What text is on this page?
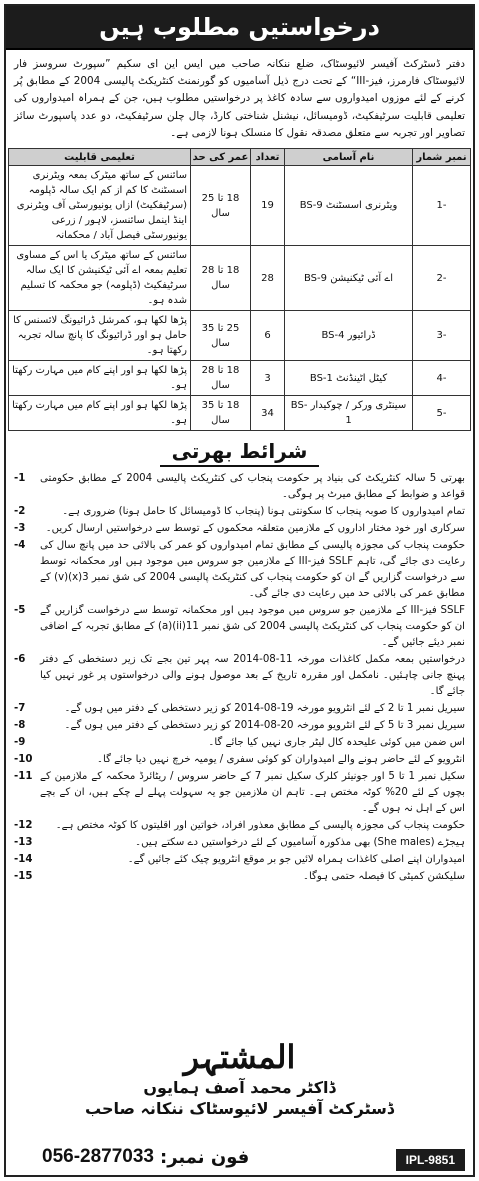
درخواستیں مطلوب ہیں

دفتر ڈسٹرکٹ آفیسر لائیوسٹاک، ضلع ننکانہ صاحب میں ایس این ای سکیم ”سپورٹ سروسز فار لائیوسٹاک فارمرز، فیز-III“ کے تحت درج ذیل آسامیوں کو گورنمنٹ کنٹریکٹ پالیسی 2004 کے مطابق پُر کرنے کے لئے موزوں امیدواروں سے سادہ کاغذ پر درخواستیں مطلوب ہیں، جن کے ہمراہ امیدواروں کی تعلیمی قابلیت سرٹیفکیٹ، ڈومیسائل، نیشنل شناختی کارڈ، چال چلن سرٹیفکیٹ، دو عدد پاسپورٹ سائز تصاویر اور تجربہ سے متعلق مصدقہ نقول کا منسلک ہونا لازمی ہے۔

نمبر شمار	نام آسامی	تعداد	عمر کی حد	تعلیمی قابلیت
-1	ویٹرنری اسسٹنٹ BS-9	19	18 تا 25 سال	سائنس کے ساتھ میٹرک بمعہ ویٹرنری اسسٹنٹ کا کم از کم ایک سالہ ڈپلومہ (سرٹیفکیٹ) ازاں یونیورسٹی آف ویٹرنری اینڈ اینمل سائنسز، لاہور / زرعی یونیورسٹی فیصل آباد / محکمانہ
-2	اے آئی ٹیکنیشن BS-9	28	18 تا 28 سال	سائنس کے ساتھ میٹرک یا اس کے مساوی تعلیم بمعہ اے آئی ٹیکنیشن کا ایک سالہ سرٹیفکیٹ (ڈپلومہ) جو محکمہ کا تسلیم شدہ ہو۔
-3	ڈرائیور BS-4	6	25 تا 35 سال	پڑھا لکھا ہو، کمرشل ڈرائیونگ لائسنس کا حامل ہو اور ڈرائیونگ کا پانچ سالہ تجربہ رکھتا ہو۔
-4	کیٹل اٹینڈنٹ BS-1	3	18 تا 28 سال	پڑھا لکھا ہو اور اپنے کام میں مہارت رکھتا ہو۔
-5	سینٹری ورکر / چوکیدار BS-1	34	18 تا 35 سال	پڑھا لکھا ہو اور اپنے کام میں مہارت رکھتا ہو۔
شرائط بھرتی
-1	بھرتی 5 سالہ کنٹریکٹ کی بنیاد پر حکومت پنجاب کی کنٹریکٹ پالیسی 2004 کے مطابق حکومتی قواعد و ضوابط کے مطابق میرٹ پر ہوگی۔
-2	تمام امیدواروں کا صوبہ پنجاب کا سکونتی ہونا (پنجاب کا ڈومیسائل کا حامل ہونا) ضروری ہے۔
-3	سرکاری اور خود مختار اداروں کے ملازمین متعلقہ محکموں کے توسط سے درخواستیں ارسال کریں۔
-4	حکومت پنجاب کی مجوزہ پالیسی کے مطابق تمام امیدواروں کو عمر کی بالائی حد میں پانچ سال کی رعایت دی جائے گی، تاہم SSLF فیز-III کے ملازمین جو سروس میں موجود ہیں اور محکمانہ توسط سے درخواست گزاریں گے ان کو حکومت پنجاب کی کنٹریکٹ پالیسی 2004 کی شق نمبر 3(x)(v) کے مطابق عمر کی بالائی حد میں رعایت دی جائے گی۔
-5	SSLF فیز-III کے ملازمین جو سروس میں موجود ہیں اور محکمانہ توسط سے درخواست گزاریں گے ان کو حکومت پنجاب کی کنٹریکٹ پالیسی 2004 کی شق نمبر 11(ii)(a) کے مطابق تجربہ کے اضافی نمبر دیئے جائیں گے۔
-6	درخواستیں بمعہ مکمل کاغذات مورخہ 11-08-2014 سہ پہر تین بجے تک زیر دستخطی کے دفتر پہنچ جانی چاہئیں۔ نامکمل اور مقررہ تاریخ کے بعد موصول ہونے والی درخواستوں پر غور نہیں کیا جائے گا۔
-7	سیریل نمبر 1 تا 2 کے لئے انٹرویو مورخہ 19-08-2014 کو زیر دستخطی کے دفتر میں ہوں گے۔
-8	سیریل نمبر 3 تا 5 کے لئے انٹرویو مورخہ 20-08-2014 کو زیر دستخطی کے دفتر میں ہوں گے۔
-9	اس ضمن میں کوئی علیحدہ کال لیٹر جاری نہیں کیا جائے گا۔
-10	انٹرویو کے لئے حاضر ہونے والے امیدواران کو کوئی سفری / یومیہ خرچ نہیں دیا جائے گا۔
-11 سکیل نمبر 1 تا 5 اور جونیئر کلرک سکیل نمبر 7 کے حاضر سروس / ریٹائرڈ محکمہ کے ملازمین کے بچوں کے لئے 20% کوٹہ مختص ہے۔ تاہم ان ملازمین جو یہ سہولت پہلے لے چکے ہیں، ان کے بچے اس کے اہل نہ ہوں گے۔
-12	حکومت پنجاب کی مجوزہ پالیسی کے مطابق معذور افراد، خواتین اور اقلیتوں کا کوٹہ مختص ہے۔
-13	ہیجڑے (She males) بھی مذکورہ آسامیوں کے لئے درخواستیں دے سکتے ہیں۔
-14	امیدواران اپنے اصلی کاغذات ہمراہ لائیں جو بر موقع انٹرویو چیک کئے جائیں گے۔
-15	سلیکشن کمیٹی کا فیصلہ حتمی ہوگا۔
المشتہر
ڈاکٹر محمد آصف ہمایوں
ڈسٹرکٹ آفیسر لائیوسٹاک ننکانہ صاحب
فون نمبر:
056-2877033	IPL-9851
